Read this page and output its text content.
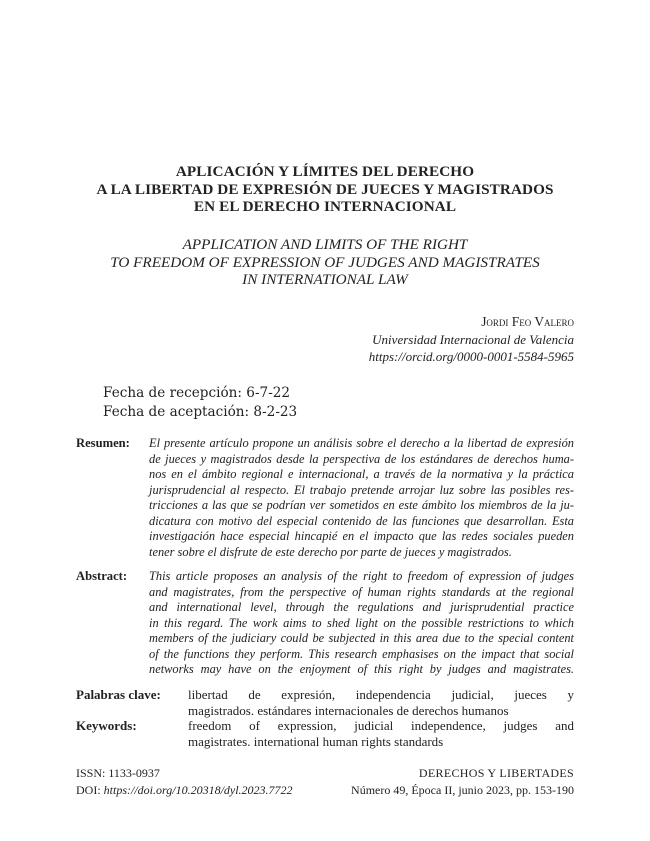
APLICACIÓN Y LÍMITES DEL DERECHO
A LA LIBERTAD DE EXPRESIÓN DE JUECES Y MAGISTRADOS
EN EL DERECHO INTERNACIONAL
APPLICATION AND LIMITS OF THE RIGHT
TO FREEDOM OF EXPRESSION OF JUDGES AND MAGISTRATES
IN INTERNATIONAL LAW
Jordi Feo Valero
Universidad Internacional de Valencia
https://orcid.org/0000-0001-5584-5965
Fecha de recepción: 6-7-22
Fecha de aceptación: 8-2-23
Resumen: El presente artículo propone un análisis sobre el derecho a la libertad de expresión
de jueces y magistrados desde la perspectiva de los estándares de derechos huma-
nos en el ámbito regional e internacional, a través de la normativa y la práctica
jurisprudencial al respecto. El trabajo pretende arrojar luz sobre las posibles res-
tricciones a las que se podrían ver sometidos en este ámbito los miembros de la ju-
dicatura con motivo del especial contenido de las funciones que desarrollan. Esta
investigación hace especial hincapié en el impacto que las redes sociales pueden
tener sobre el disfrute de este derecho por parte de jueces y magistrados.
Abstract: This article proposes an analysis of the right to freedom of expression of judges
and magistrates, from the perspective of human rights standards at the regional
and international level, through the regulations and jurisprudential practice
in this regard. The work aims to shed light on the possible restrictions to which
members of the judiciary could be subjected in this area due to the special content
of the functions they perform. This research emphasises on the impact that social
networks may have on the enjoyment of this right by judges and magistrates.
Palabras clave: libertad de expresión, independencia judicial, jueces y
magistrados. estándares internacionales de derechos humanos
Keywords:	freedom of expression, judicial independence, judges and
magistrates. international human rights standards
ISSN: 1133-0937
DOI: https://doi.org/10.20318/dyl.2023.7722
DERECHOS Y LIBERTADES
Número 49, Época II, junio 2023, pp. 153-190
